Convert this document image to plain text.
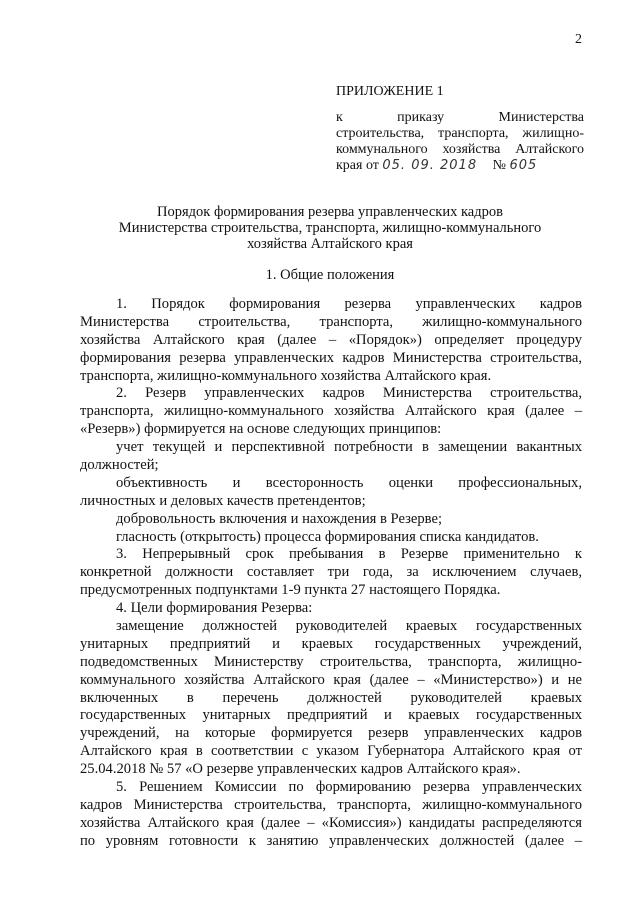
2
ПРИЛОЖЕНИЕ 1
к приказу Министерства
строительства, транспорта, жилищно-
коммунального хозяйства Алтайского
края от 05. 09. 2018 № 605
Порядок формирования резерва управленческих кадров
Министерства строительства, транспорта, жилищно-коммунального
хозяйства Алтайского края
1. Общие положения
1. Порядок формирования резерва управленческих кадров
Министерства строительства, транспорта, жилищно-коммунального
хозяйства Алтайского края (далее – «Порядок») определяет процедуру
формирования резерва управленческих кадров Министерства строительства,
транспорта, жилищно-коммунального хозяйства Алтайского края.
2. Резерв управленческих кадров Министерства строительства,
транспорта, жилищно-коммунального хозяйства Алтайского края (далее –
«Резерв») формируется на основе следующих принципов:
учет текущей и перспективной потребности в замещении вакантных
должностей;
объективность и всесторонность оценки профессиональных,
личностных и деловых качеств претендентов;
добровольность включения и нахождения в Резерве;
гласность (открытость) процесса формирования списка кандидатов.
3. Непрерывный срок пребывания в Резерве применительно к
конкретной должности составляет три года, за исключением случаев,
предусмотренных подпунктами 1-9 пункта 27 настоящего Порядка.
4. Цели формирования Резерва:
замещение должностей руководителей краевых государственных
унитарных предприятий и краевых государственных учреждений,
подведомственных Министерству строительства, транспорта, жилищно-
коммунального хозяйства Алтайского края (далее – «Министерство») и не
включенных в перечень должностей руководителей краевых
государственных унитарных предприятий и краевых государственных
учреждений, на которые формируется резерв управленческих кадров
Алтайского края в соответствии с указом Губернатора Алтайского края от
25.04.2018 № 57 «О резерве управленческих кадров Алтайского края».
5. Решением Комиссии по формированию резерва управленческих
кадров Министерства строительства, транспорта, жилищно-коммунального
хозяйства Алтайского края (далее – «Комиссия») кандидаты распределяются
по уровням готовности к занятию управленческих должностей (далее –
